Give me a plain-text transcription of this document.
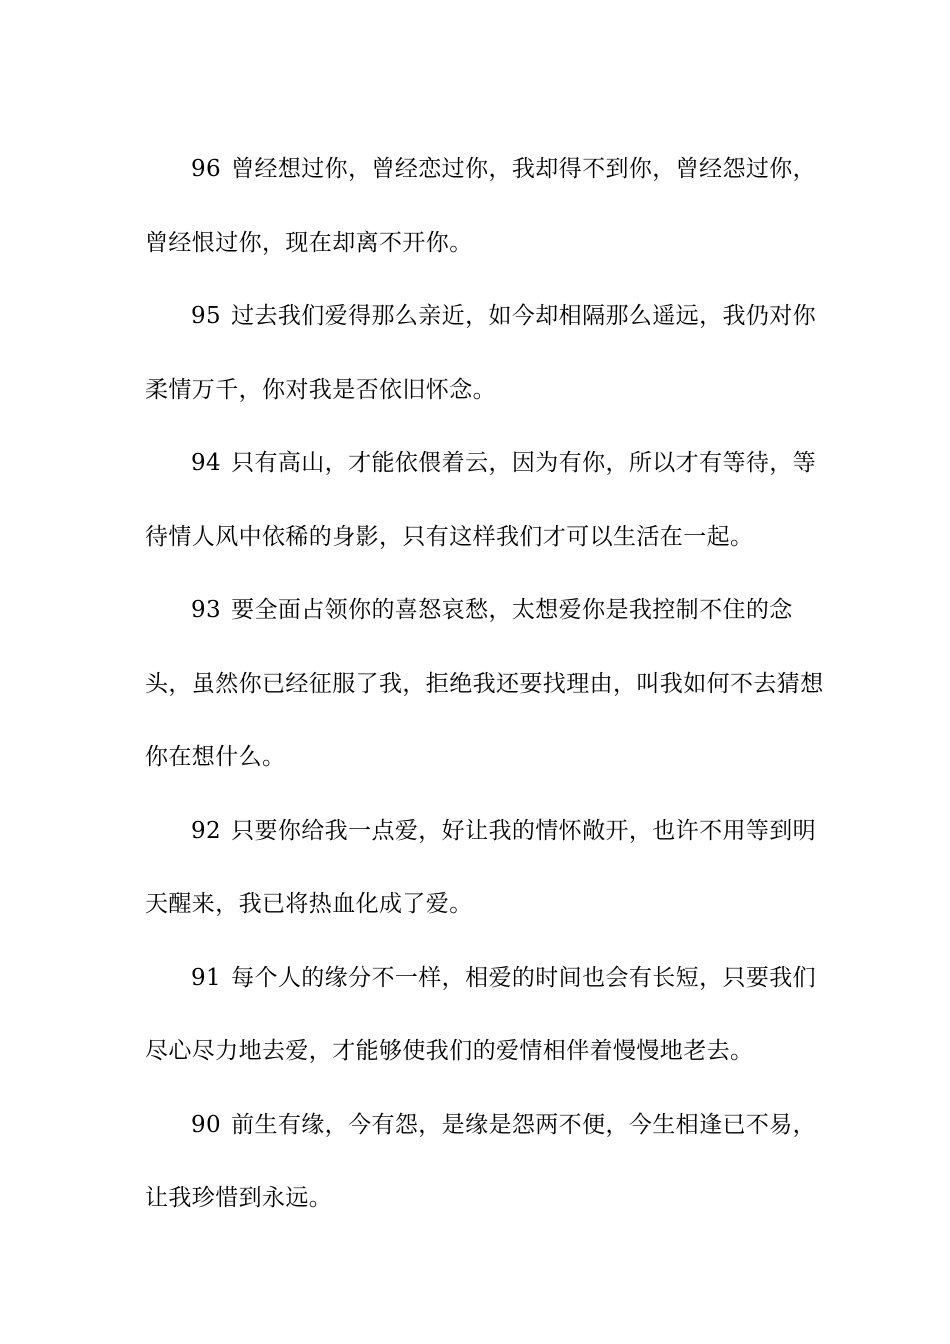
96 曾经想过你，曾经恋过你，我却得不到你，曾经怨过你，曾经恨过你，现在却离不开你。

95 过去我们爱得那么亲近，如今却相隔那么遥远，我仍对你柔情万千，你对我是否依旧怀念。

94 只有高山，才能依偎着云，因为有你，所以才有等待，等待情人风中依稀的身影，只有这样我们才可以生活在一起。

93 要全面占领你的喜怒哀愁，太想爱你是我控制不住的念头，虽然你已经征服了我，拒绝我还要找理由，叫我如何不去猜想你在想什么。

92 只要你给我一点爱，好让我的情怀敞开，也许不用等到明天醒来，我已将热血化成了爱。

91 每个人的缘分不一样，相爱的时间也会有长短，只要我们尽心尽力地去爱，才能够使我们的爱情相伴着慢慢地老去。

90 前生有缘，今有怨，是缘是怨两不便，今生相逢已不易，让我珍惜到永远。
